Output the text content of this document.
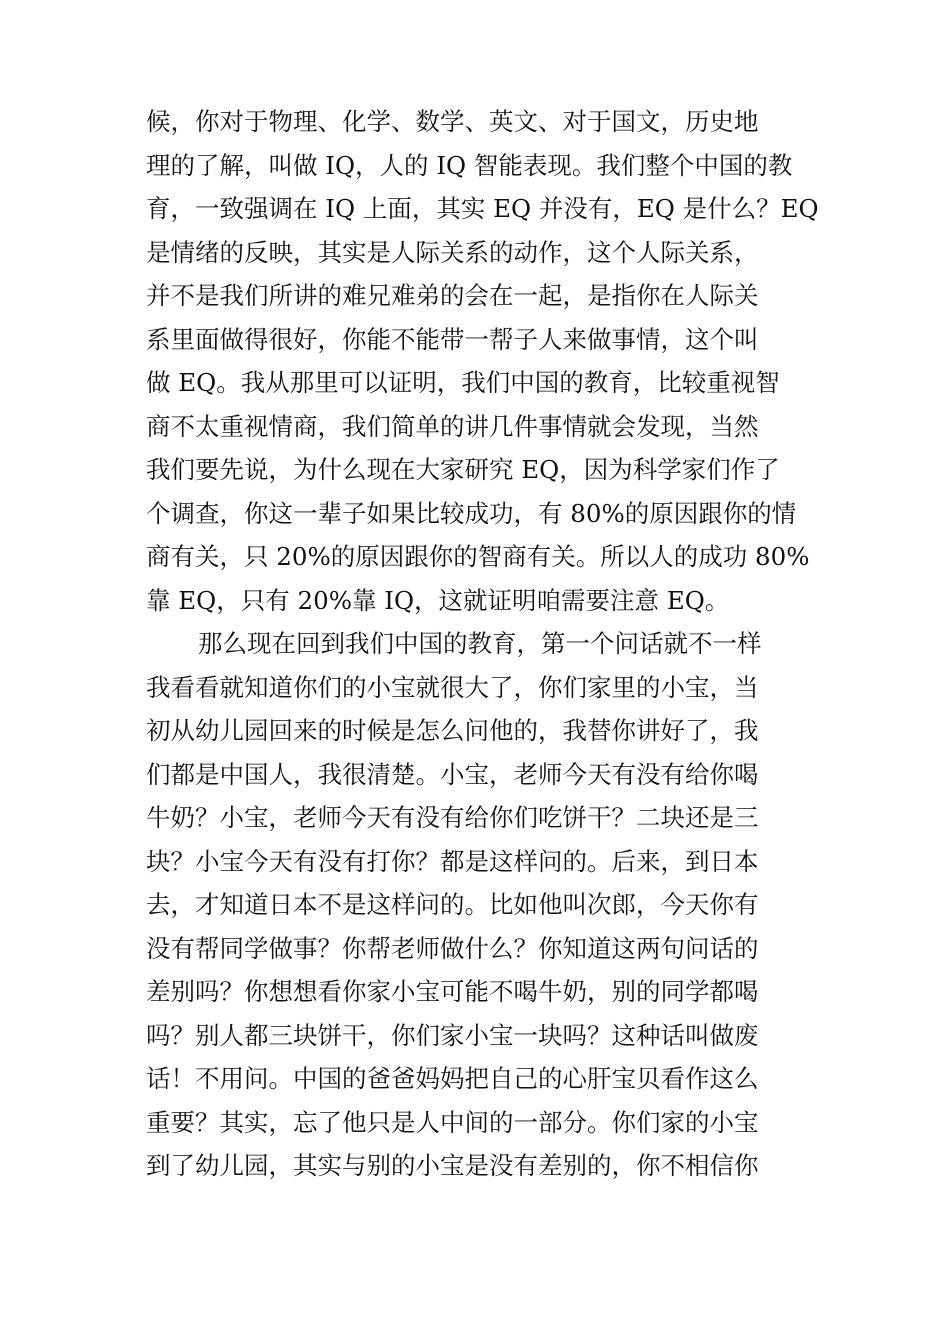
候，你对于物理、化学、数学、英文、对于国文，历史地
理的了解，叫做 IQ，人的 IQ 智能表现。我们整个中国的教
育，一致强调在 IQ 上面，其实 EQ 并没有，EQ 是什么？EQ
是情绪的反映，其实是人际关系的动作，这个人际关系，
并不是我们所讲的难兄难弟的会在一起，是指你在人际关
系里面做得很好，你能不能带一帮子人来做事情，这个叫
做 EQ。我从那里可以证明，我们中国的教育，比较重视智
商不太重视情商，我们简单的讲几件事情就会发现，当然
我们要先说，为什么现在大家研究 EQ，因为科学家们作了
个调查，你这一辈子如果比较成功，有 80%的原因跟你的情
商有关，只 20%的原因跟你的智商有关。所以人的成功 80%
靠 EQ，只有 20%靠 IQ，这就证明咱需要注意 EQ。
那么现在回到我们中国的教育，第一个问话就不一样
我看看就知道你们的小宝就很大了，你们家里的小宝，当
初从幼儿园回来的时候是怎么问他的，我替你讲好了，我
们都是中国人，我很清楚。小宝，老师今天有没有给你喝
牛奶？小宝，老师今天有没有给你们吃饼干？二块还是三
块？小宝今天有没有打你？都是这样问的。后来，到日本
去，才知道日本不是这样问的。比如他叫次郎，今天你有
没有帮同学做事？你帮老师做什么？你知道这两句问话的
差别吗？你想想看你家小宝可能不喝牛奶，别的同学都喝
吗？别人都三块饼干，你们家小宝一块吗？这种话叫做废
话！不用问。中国的爸爸妈妈把自己的心肝宝贝看作这么
重要？其实，忘了他只是人中间的一部分。你们家的小宝
到了幼儿园，其实与别的小宝是没有差别的，你不相信你
